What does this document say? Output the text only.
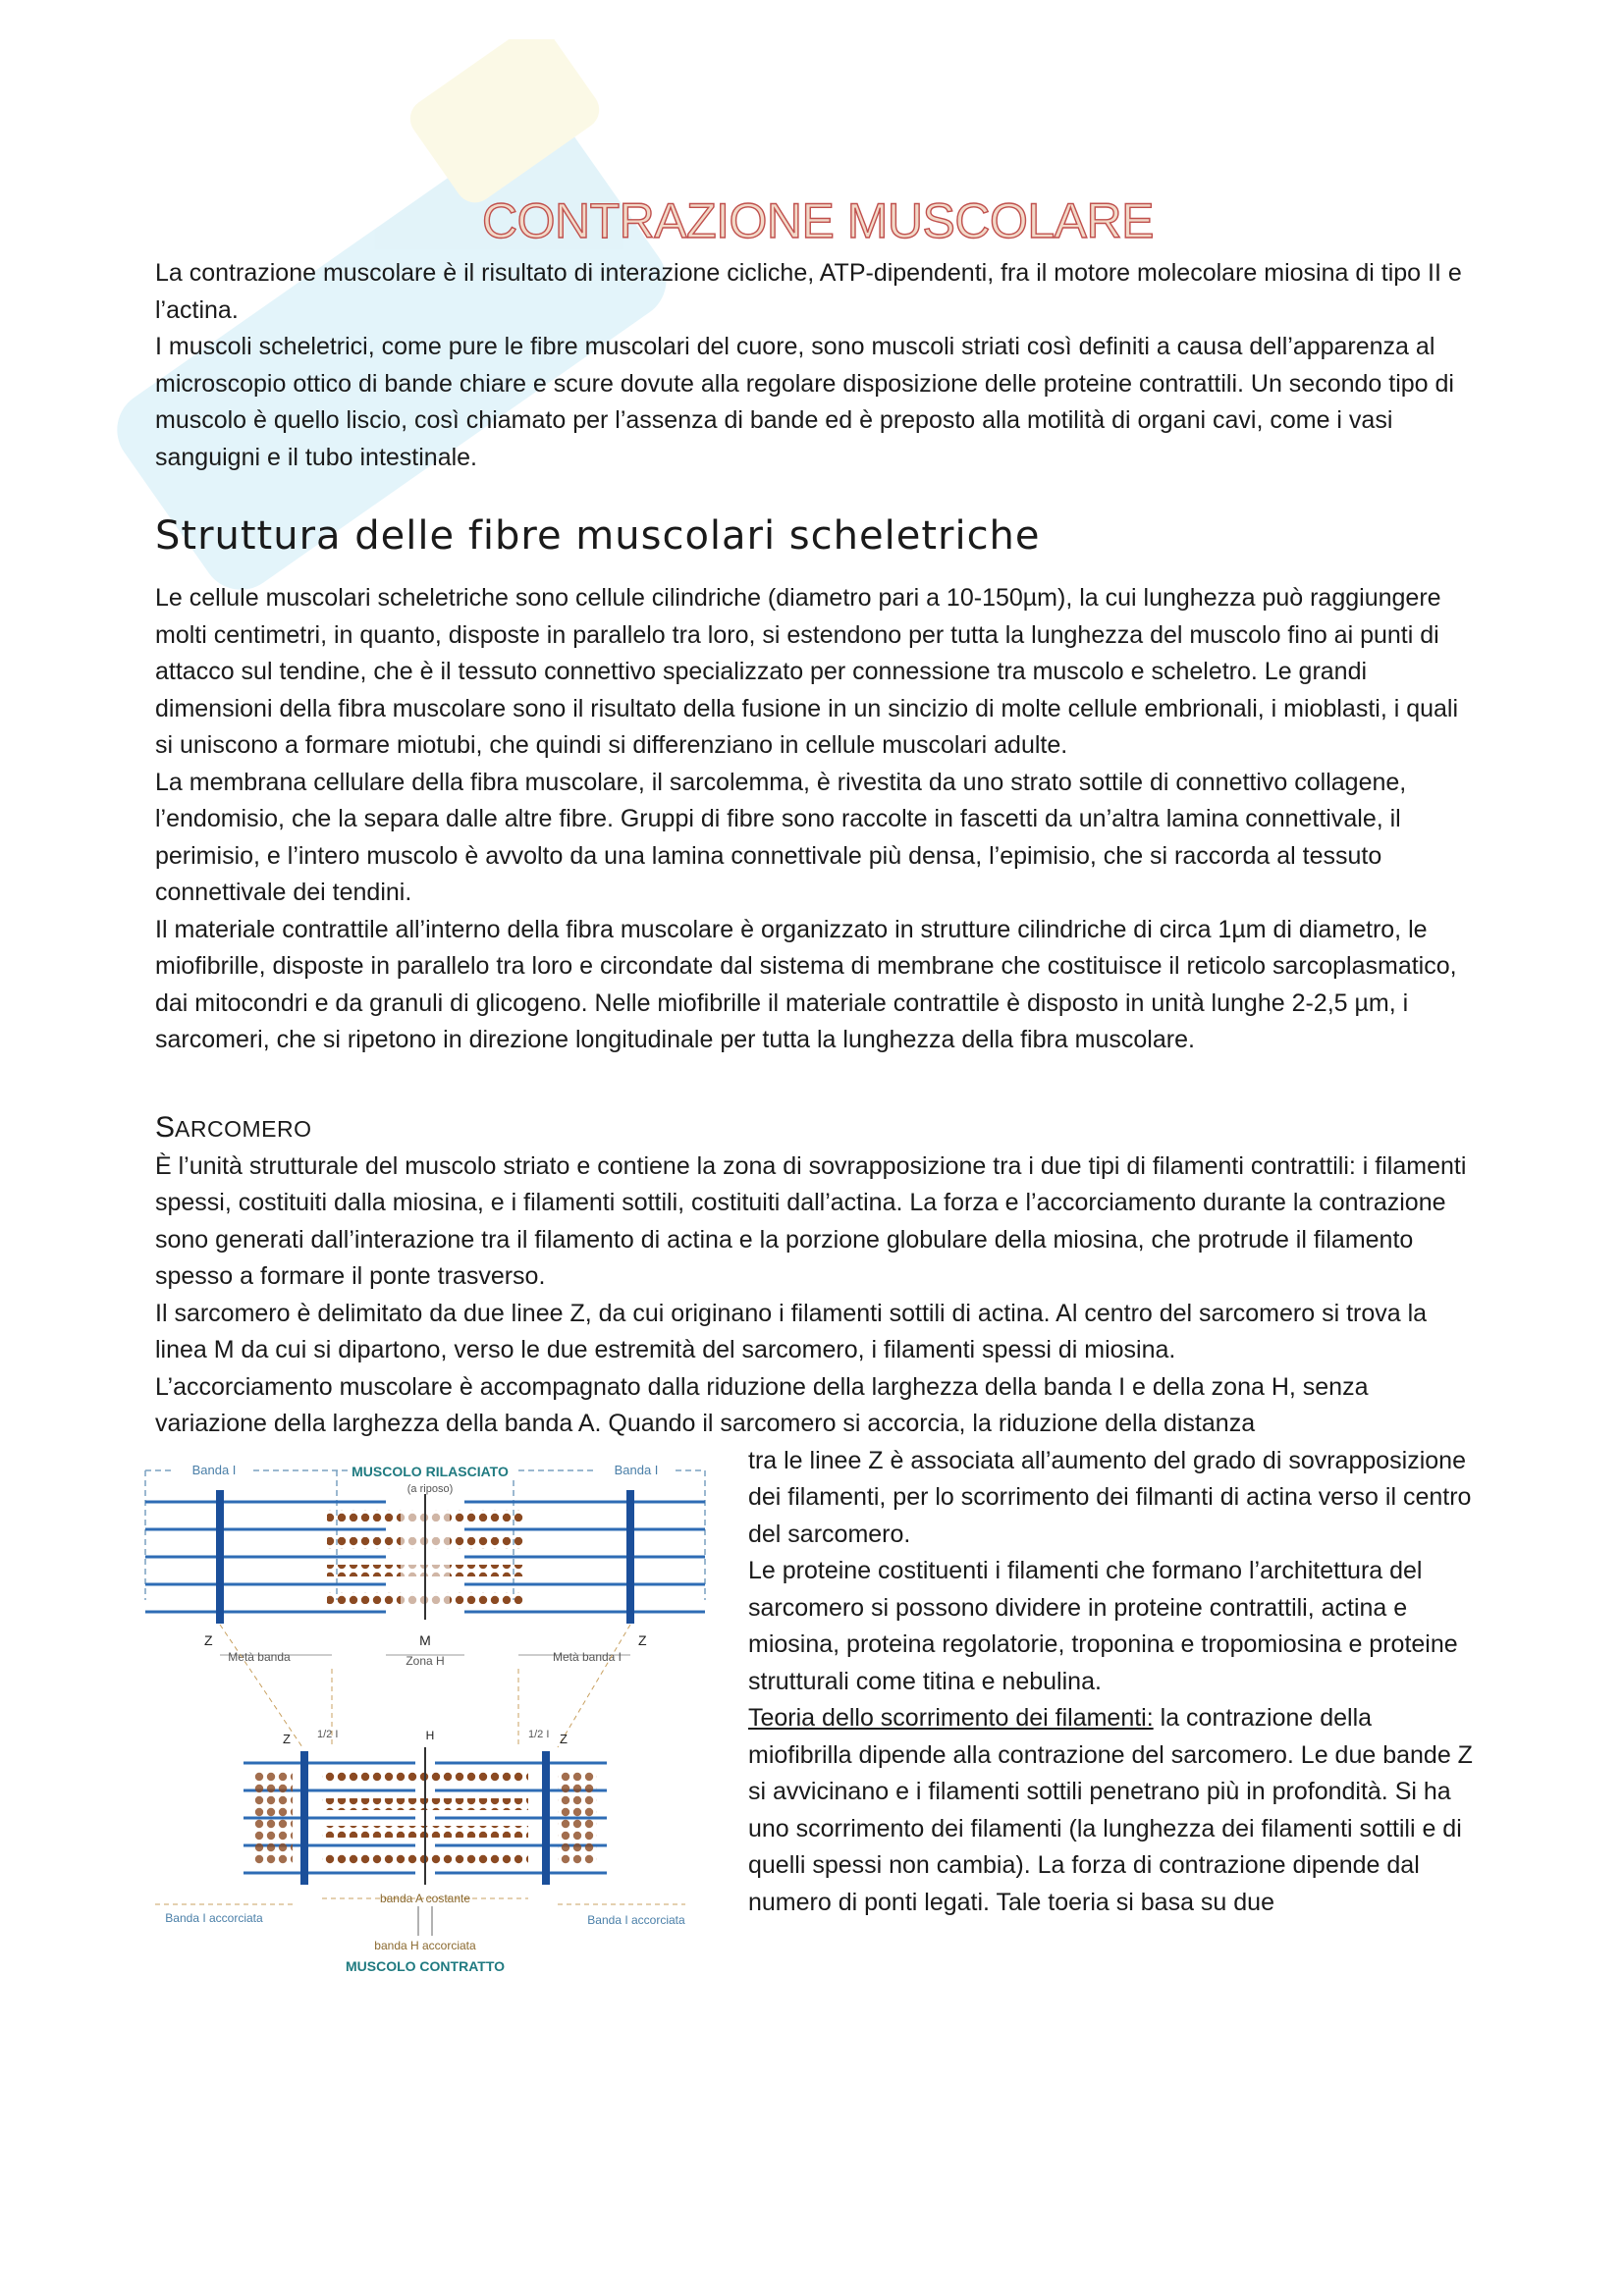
CONTRAZIONE MUSCOLARE

La contrazione muscolare è il risultato di interazione cicliche, ATP-dipendenti, fra il motore molecolare miosina di tipo II e l’actina.

I muscoli scheletrici, come pure le fibre muscolari del cuore, sono muscoli striati così definiti a causa dell’apparenza al microscopio ottico di bande chiare e scure dovute alla regolare disposizione delle proteine contrattili. Un secondo tipo di muscolo è quello liscio, così chiamato per l’assenza di bande ed è preposto alla motilità di organi cavi, come i vasi sanguigni e il tubo intestinale.

Struttura delle fibre muscolari scheletriche

Le cellule muscolari scheletriche sono cellule cilindriche (diametro pari a 10-150µm), la cui lunghezza può raggiungere molti centimetri, in quanto, disposte in parallelo tra loro, si estendono per tutta la lunghezza del muscolo fino ai punti di attacco sul tendine, che è il tessuto connettivo specializzato per connessione tra muscolo e scheletro. Le grandi dimensioni della fibra muscolare sono il risultato della fusione in un sincizio di molte cellule embrionali, i mioblasti, i quali si uniscono a formare miotubi, che quindi si differenziano in cellule muscolari adulte.

La membrana cellulare della fibra muscolare, il sarcolemma, è rivestita da uno strato sottile di connettivo collagene, l’endomisio, che la separa dalle altre fibre. Gruppi di fibre sono raccolte in fascetti da un’altra lamina connettivale, il perimisio, e l’intero muscolo è avvolto da una lamina connettivale più densa, l’epimisio, che si raccorda al tessuto connettivale dei tendini.

Il materiale contrattile all’interno della fibra muscolare è organizzato in strutture cilindriche di circa 1µm di diametro, le miofibrille, disposte in parallelo tra loro e circondate dal sistema di membrane che costituisce il reticolo sarcoplasmatico, dai mitocondri e da granuli di glicogeno. Nelle miofibrille il materiale contrattile è disposto in unità lunghe 2-2,5 µm, i sarcomeri, che si ripetono in direzione longitudinale per tutta la lunghezza della fibra muscolare.

SARCOMERO

È l’unità strutturale del muscolo striato e contiene la zona di sovrapposizione tra i due tipi di filamenti contrattili: i filamenti spessi, costituiti dalla miosina, e i filamenti sottili, costituiti dall’actina. La forza e l’accorciamento durante la contrazione sono generati dall’interazione tra il filamento di actina e la porzione globulare della miosina, che protrude il filamento spesso a formare il ponte trasverso.

Il sarcomero è delimitato da due linee Z, da cui originano i filamenti sottili di actina. Al centro del sarcomero si trova la linea M da cui si dipartono, verso le due estremità del sarcomero, i filamenti spessi di miosina.

L’accorciamento muscolare è accompagnato dalla riduzione della larghezza della banda I e della zona H, senza variazione della larghezza della banda A. Quando il sarcomero si accorcia, la riduzione della distanza

Banda I	MUSCOLO RILASCIATO
(a riposo)
Banda I
Z	M	Z
Metà banda	Zona H	Metà banda I
H
Z 1/2 I	1/2 I Z
banda A costante
Banda I accorciata	Banda I accorciata
banda H accorciata
MUSCOLO CONTRATTO

tra le linee Z è associata all’aumento del grado di sovrapposizione dei filamenti, per lo scorrimento dei filmanti di actina verso il centro del sarcomero.

Le proteine costituenti i filamenti che formano l’architettura del sarcomero si possono dividere in proteine contrattili, actina e miosina, proteina regolatorie, troponina e tropomiosina e proteine strutturali come titina e nebulina.

Teoria dello scorrimento dei filamenti: la contrazione della miofibrilla dipende alla contrazione del sarcomero. Le due bande Z si avvicinano e i filamenti sottili penetrano più in profondità. Si ha uno scorrimento dei filamenti (la lunghezza dei filamenti sottili e di quelli spessi non cambia). La forza di contrazione dipende dal numero di ponti legati. Tale toeria si basa su due
